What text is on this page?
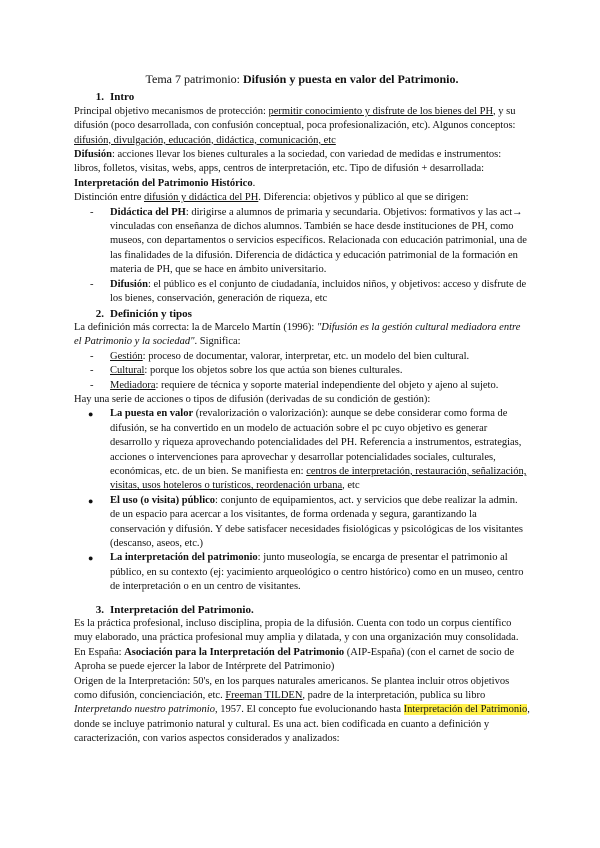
Tema 7 patrimonio: Difusión y puesta en valor del Patrimonio.
1. Intro

Principal objetivo mecanismos de protección: permitir conocimiento y disfrute de los bienes del PH, y su difusión (poco desarrollada, con confusión conceptual, poca profesionalización, etc). Algunos conceptos: difusión, divulgación, educación, didáctica, comunicación, etc

Difusión: acciones llevar los bienes culturales a la sociedad, con variedad de medidas e instrumentos: libros, folletos, visitas, webs, apps, centros de interpretación, etc. Tipo de difusión + desarrollada: Interpretación del Patrimonio Histórico.

Distinción entre difusión y didáctica del PH. Diferencia: objetivos y público al que se dirigen:

- Didáctica del PH: dirigirse a alumnos de primaria y secundaria. Objetivos: formativos y las act→ vinculadas con enseñanza de dichos alumnos. También se hace desde instituciones de PH, como museos, con departamentos o servicios específicos. Relacionada con educación patrimonial, una de las finalidades de la difusión. Diferencia de didáctica y educación patrimonial de la formación en materia de PH, que se hace en ámbito universitario.
- Difusión: el público es el conjunto de ciudadanía, incluidos niños, y objetivos: acceso y disfrute de los bienes, conservación, generación de riqueza, etc
2. Definición y tipos

La definición más correcta: la de Marcelo Martín (1996): "Difusión es la gestión cultural mediadora entre el Patrimonio y la sociedad". Significa:

- Gestión: proceso de documentar, valorar, interpretar, etc. un modelo del bien cultural.
- Cultural: porque los objetos sobre los que actúa son bienes culturales.
- Mediadora: requiere de técnica y soporte material independiente del objeto y ajeno al sujeto.

Hay una serie de acciones o tipos de difusión (derivadas de su condición de gestión):

● La puesta en valor (revalorización o valorización): aunque se debe considerar como forma de difusión, se ha convertido en un modelo de actuación sobre el pc cuyo objetivo es generar desarrollo y riqueza aprovechando potencialidades del PH. Referencia a instrumentos, estrategias, acciones o intervenciones para aprovechar y desarrollar potencialidades sociales, culturales, económicas, etc. de un bien. Se manifiesta en: centros de interpretación, restauración, señalización, visitas, usos hoteleros o turísticos, reordenación urbana, etc
● El uso (o visita) público: conjunto de equipamientos, act. y servicios que debe realizar la admin. de un espacio para acercar a los visitantes, de forma ordenada y segura, garantizando la conservación y difusión. Y debe satisfacer necesidades fisiológicas y psicológicas de los visitantes (descanso, aseos, etc.)
● La interpretación del patrimonio: junto museología, se encarga de presentar el patrimonio al público, en su contexto (ej: yacimiento arqueológico o centro histórico) como en un museo, centro de interpretación o en un centro de visitantes.
3. Interpretación del Patrimonio.

Es la práctica profesional, incluso disciplina, propia de la difusión. Cuenta con todo un corpus científico muy elaborado, una práctica profesional muy amplia y dilatada, y con una organización muy consolidada. En España: Asociación para la Interpretación del Patrimonio (AIP-España) (con el carnet de socio de Aproha se puede ejercer la labor de Intérprete del Patrimonio)

Origen de la Interpretación: 50's, en los parques naturales americanos. Se plantea incluir otros objetivos como difusión, concienciación, etc. Freeman TILDEN, padre de la interpretación, publica su libro Interpretando nuestro patrimonio, 1957. El concepto fue evolucionando hasta Interpretación del Patrimonio, donde se incluye patrimonio natural y cultural. Es una act. bien codificada en cuanto a definición y caracterización, con varios aspectos considerados y analizados:
